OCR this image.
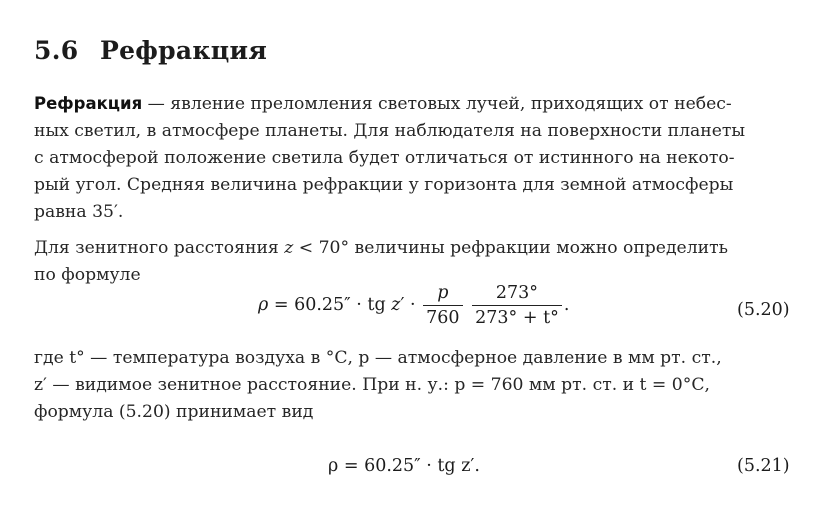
5.6 Рефракция
Рефракция — явление преломления световых лучей, приходящих от небес-
ных светил, в атмосфере планеты. Для наблюдателя на поверхности планеты
с атмосферой положение светила будет отличаться от истинного на некото-
рый угол. Средняя величина рефракции у горизонта для земной атмосферы
равна 35′.
Для зенитного расстояния z < 70° величины рефракции можно определить
по формуле
ρ = 60.25″ · tg $z' \cdot \frac{p}{760}$
$\frac{273^\circ}{273^\circ + t^\circ}$ .	(5.20)
где t° — температура воздуха в °С, p — атмосферное давление в мм рт. ст.,
z′ — видимое зенитное расстояние. При н. у.: p = 760 мм рт. ст. и t = 0°С,
формула (5.20) принимает вид
ρ = 60.25″ · tg z′.	(5.21)
